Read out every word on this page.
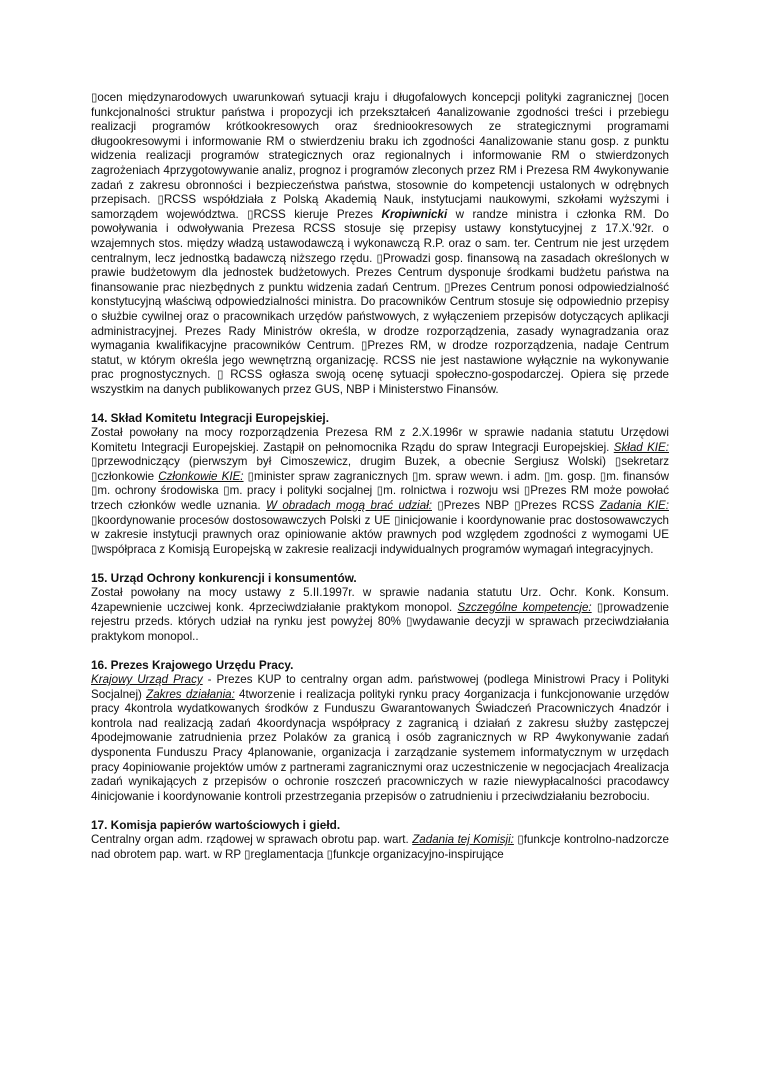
▯ocen międzynarodowych uwarunkowań sytuacji kraju i długofalowych koncepcji polityki zagranicznej ▯ocen funkcjonalności struktur państwa i propozycji ich przekształceń 4analizowanie zgodności treści i przebiegu realizacji programów krótkookresowych oraz średniookresowych ze strategicznymi programami długookresowymi i informowanie RM o stwierdzeniu braku ich zgodności 4analizowanie stanu gosp. z punktu widzenia realizacji programów strategicznych oraz regionalnych i informowanie RM o stwierdzonych zagrożeniach 4przygotowywanie analiz, prognoz i programów zleconych przez RM i Prezesa RM 4wykonywanie zadań z zakresu obronności i bezpieczeństwa państwa, stosownie do kompetencji ustalonych w odrębnych przepisach. ▯RCSS współdziała z Polską Akademią Nauk, instytucjami naukowymi, szkołami wyższymi i samorządem województwa. ▯RCSS kieruje Prezes Kropiwnicki w randze ministra i członka RM. Do powoływania i odwoływania Prezesa RCSS stosuje się przepisy ustawy konstytucyjnej z 17.X.'92r. o wzajemnych stos. między władzą ustawodawczą i wykonawczą R.P. oraz o sam. ter. Centrum nie jest urzędem centralnym, lecz jednostką badawczą niższego rzędu. ▯Prowadzi gosp. finansową na zasadach określonych w prawie budżetowym dla jednostek budżetowych. Prezes Centrum dysponuje środkami budżetu państwa na finansowanie prac niezbędnych z punktu widzenia zadań Centrum. ▯Prezes Centrum ponosi odpowiedzialność konstytucyjną właściwą odpowiedzialności ministra. Do pracowników Centrum stosuje się odpowiednio przepisy o służbie cywilnej oraz o pracownikach urzędów państwowych, z wyłączeniem przepisów dotyczących aplikacji administracyjnej. Prezes Rady Ministrów określa, w drodze rozporządzenia, zasady wynagradzania oraz wymagania kwalifikacyjne pracowników Centrum. ▯Prezes RM, w drodze rozporządzenia, nadaje Centrum statut, w którym określa jego wewnętrzną organizację. RCSS nie jest nastawione wyłącznie na wykonywanie prac prognostycznych. ▯ RCSS ogłasza swoją ocenę sytuacji społeczno-gospodarczej. Opiera się przede wszystkim na danych publikowanych przez GUS, NBP i Ministerstwo Finansów.

14. Skład Komitetu Integracji Europejskiej.

Został powołany na mocy rozporządzenia Prezesa RM z 2.X.1996r w sprawie nadania statutu Urzędowi Komitetu Integracji Europejskiej. Zastąpił on pełnomocnika Rządu do spraw Integracji Europejskiej. Skład KIE: ▯przewodniczący (pierwszym był Cimoszewicz, drugim Buzek, a obecnie Sergiusz Wolski) ▯sekretarz ▯członkowie Członkowie KIE: ▯minister spraw zagranicznych ▯m. spraw wewn. i adm. ▯m. gosp. ▯m. finansów ▯m. ochrony środowiska ▯m. pracy i polityki socjalnej ▯m. rolnictwa i rozwoju wsi ▯Prezes RM może powołać trzech członków wedle uznania. W obradach mogą brać udział: ▯Prezes NBP ▯Prezes RCSS Zadania KIE: ▯koordynowanie procesów dostosowawczych Polski z UE ▯inicjowanie i koordynowanie prac dostosowawczych w zakresie instytucji prawnych oraz opiniowanie aktów prawnych pod względem zgodności z wymogami UE ▯współpraca z Komisją Europejską w zakresie realizacji indywidualnych programów wymagań integracyjnych.

15. Urząd Ochrony konkurencji i konsumentów.

Został powołany na mocy ustawy z 5.II.1997r. w sprawie nadania statutu Urz. Ochr. Konk. Konsum. 4zapewnienie uczciwej konk. 4przeciwdziałanie praktykom monopol. Szczególne kompetencje: ▯prowadzenie rejestru przeds. których udział na rynku jest powyżej 80% ▯wydawanie decyzji w sprawach przeciwdziałania praktykom monopol..

16. Prezes Krajowego Urzędu Pracy.

Krajowy Urząd Pracy - Prezes KUP to centralny organ adm. państwowej (podlega Ministrowi Pracy i Polityki Socjalnej) Zakres działania: 4tworzenie i realizacja polityki rynku pracy 4organizacja i funkcjonowanie urzędów pracy 4kontrola wydatkowanych środków z Funduszu Gwarantowanych Świadczeń Pracowniczych 4nadzór i kontrola nad realizacją zadań 4koordynacja współpracy z zagranicą i działań z zakresu służby zastępczej 4podejmowanie zatrudnienia przez Polaków za granicą i osób zagranicznych w RP 4wykonywanie zadań dysponenta Funduszu Pracy 4planowanie, organizacja i zarządzanie systemem informatycznym w urzędach pracy 4opiniowanie projektów umów z partnerami zagranicznymi oraz uczestniczenie w negocjacjach 4realizacja zadań wynikających z przepisów o ochronie roszczeń pracowniczych w razie niewypłacalności pracodawcy 4inicjowanie i koordynowanie kontroli przestrzegania przepisów o zatrudnieniu i przeciwdziałaniu bezrobociu.

17. Komisja papierów wartościowych i giełd.

Centralny organ adm. rządowej w sprawach obrotu pap. wart. Zadania tej Komisji: ▯funkcje kontrolno-nadzorcze nad obrotem pap. wart. w RP ▯reglamentacja ▯funkcje organizacyjno-inspirujące
